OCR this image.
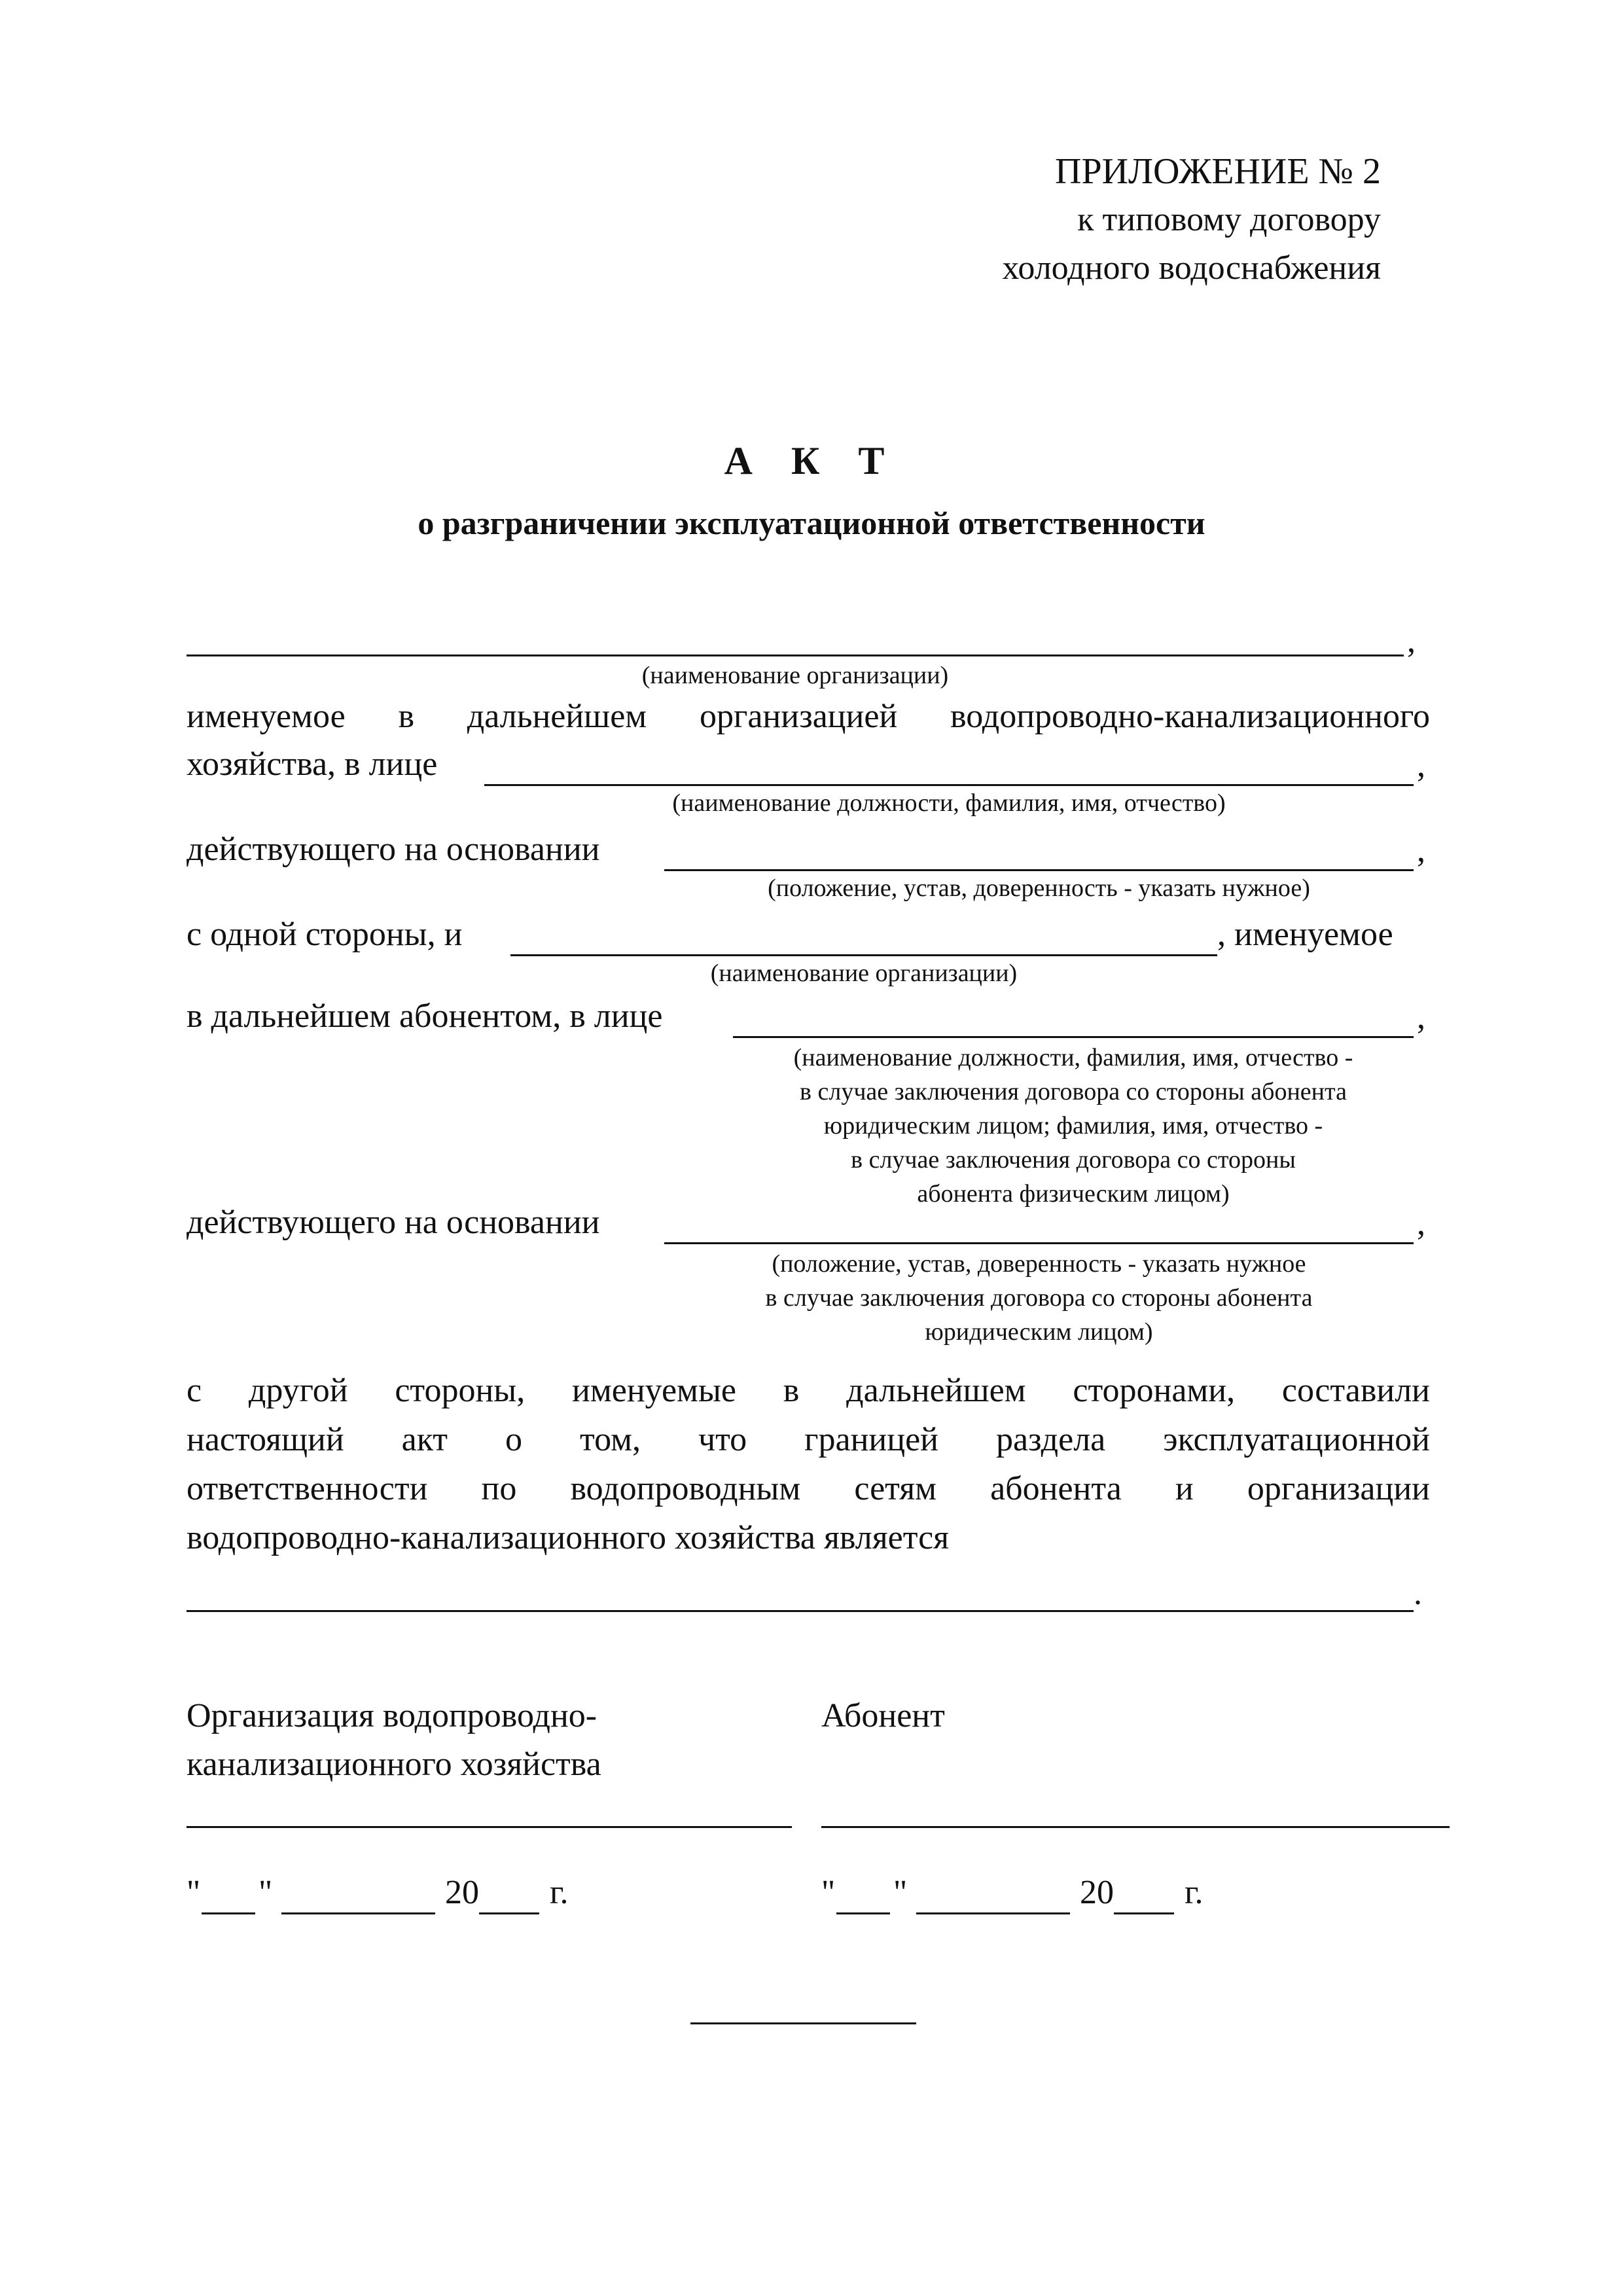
ПРИЛОЖЕНИЕ № 2
к типовому договору
холодного водоснабжения
А К Т
о разграничении эксплуатационной ответственности
,
(наименование организации)
именуемое в дальнейшем организацией водопроводно-канализационного
хозяйства, в лице	,
(наименование должности, фамилия, имя, отчество)
действующего на основании	,
(положение, устав, доверенность - указать нужное)
с одной стороны, и	, именуемое
(наименование организации)
в дальнейшем абонентом, в лице	,
(наименование должности, фамилия, имя, отчество -
в случае заключения договора со стороны абонента
юридическим лицом; фамилия, имя, отчество -
в случае заключения договора со стороны
абонента физическим лицом)
действующего на основании	,
(положение, устав, доверенность - указать нужное
в случае заключения договора со стороны абонента
юридическим лицом)
с другой стороны, именуемые в дальнейшем сторонами, составили
настоящий акт о том, что границей раздела эксплуатационной
ответственности по водопроводным сетям абонента и организации
водопроводно-канализационного хозяйства является
.
Организация водопроводно-
канализационного хозяйства
Абонент
" "	20 г.	" "	20 г.
